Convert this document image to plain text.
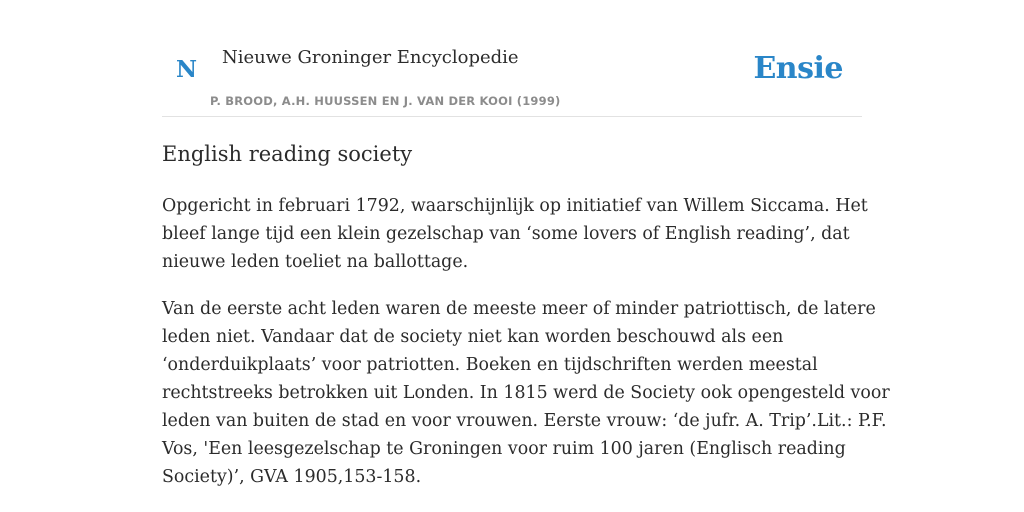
N Nieuwe Groninger Encyclopedie
P. BROOD, A.H. HUUSSEN EN J. VAN DER KOOI (1999)
Ensie
English reading society

Opgericht in februari 1792, waarschijnlijk op initiatief van Willem Siccama. Het
bleef lange tijd een klein gezelschap van ‘some lovers of English reading’, dat
nieuwe leden toeliet na ballottage.

Van de eerste acht leden waren de meeste meer of minder patriottisch, de latere
leden niet. Vandaar dat de society niet kan worden beschouwd als een
‘onderduikplaats’ voor patriotten. Boeken en tijdschriften werden meestal
rechtstreeks betrokken uit Londen. In 1815 werd de Society ook opengesteld voor
leden van buiten de stad en voor vrouwen. Eerste vrouw: ‘de jufr. A. Trip’.Lit.: P.F.
Vos, 'Een leesgezelschap te Groningen voor ruim 100 jaren (Englisch reading
Society)’, GVA 1905,153-158.
